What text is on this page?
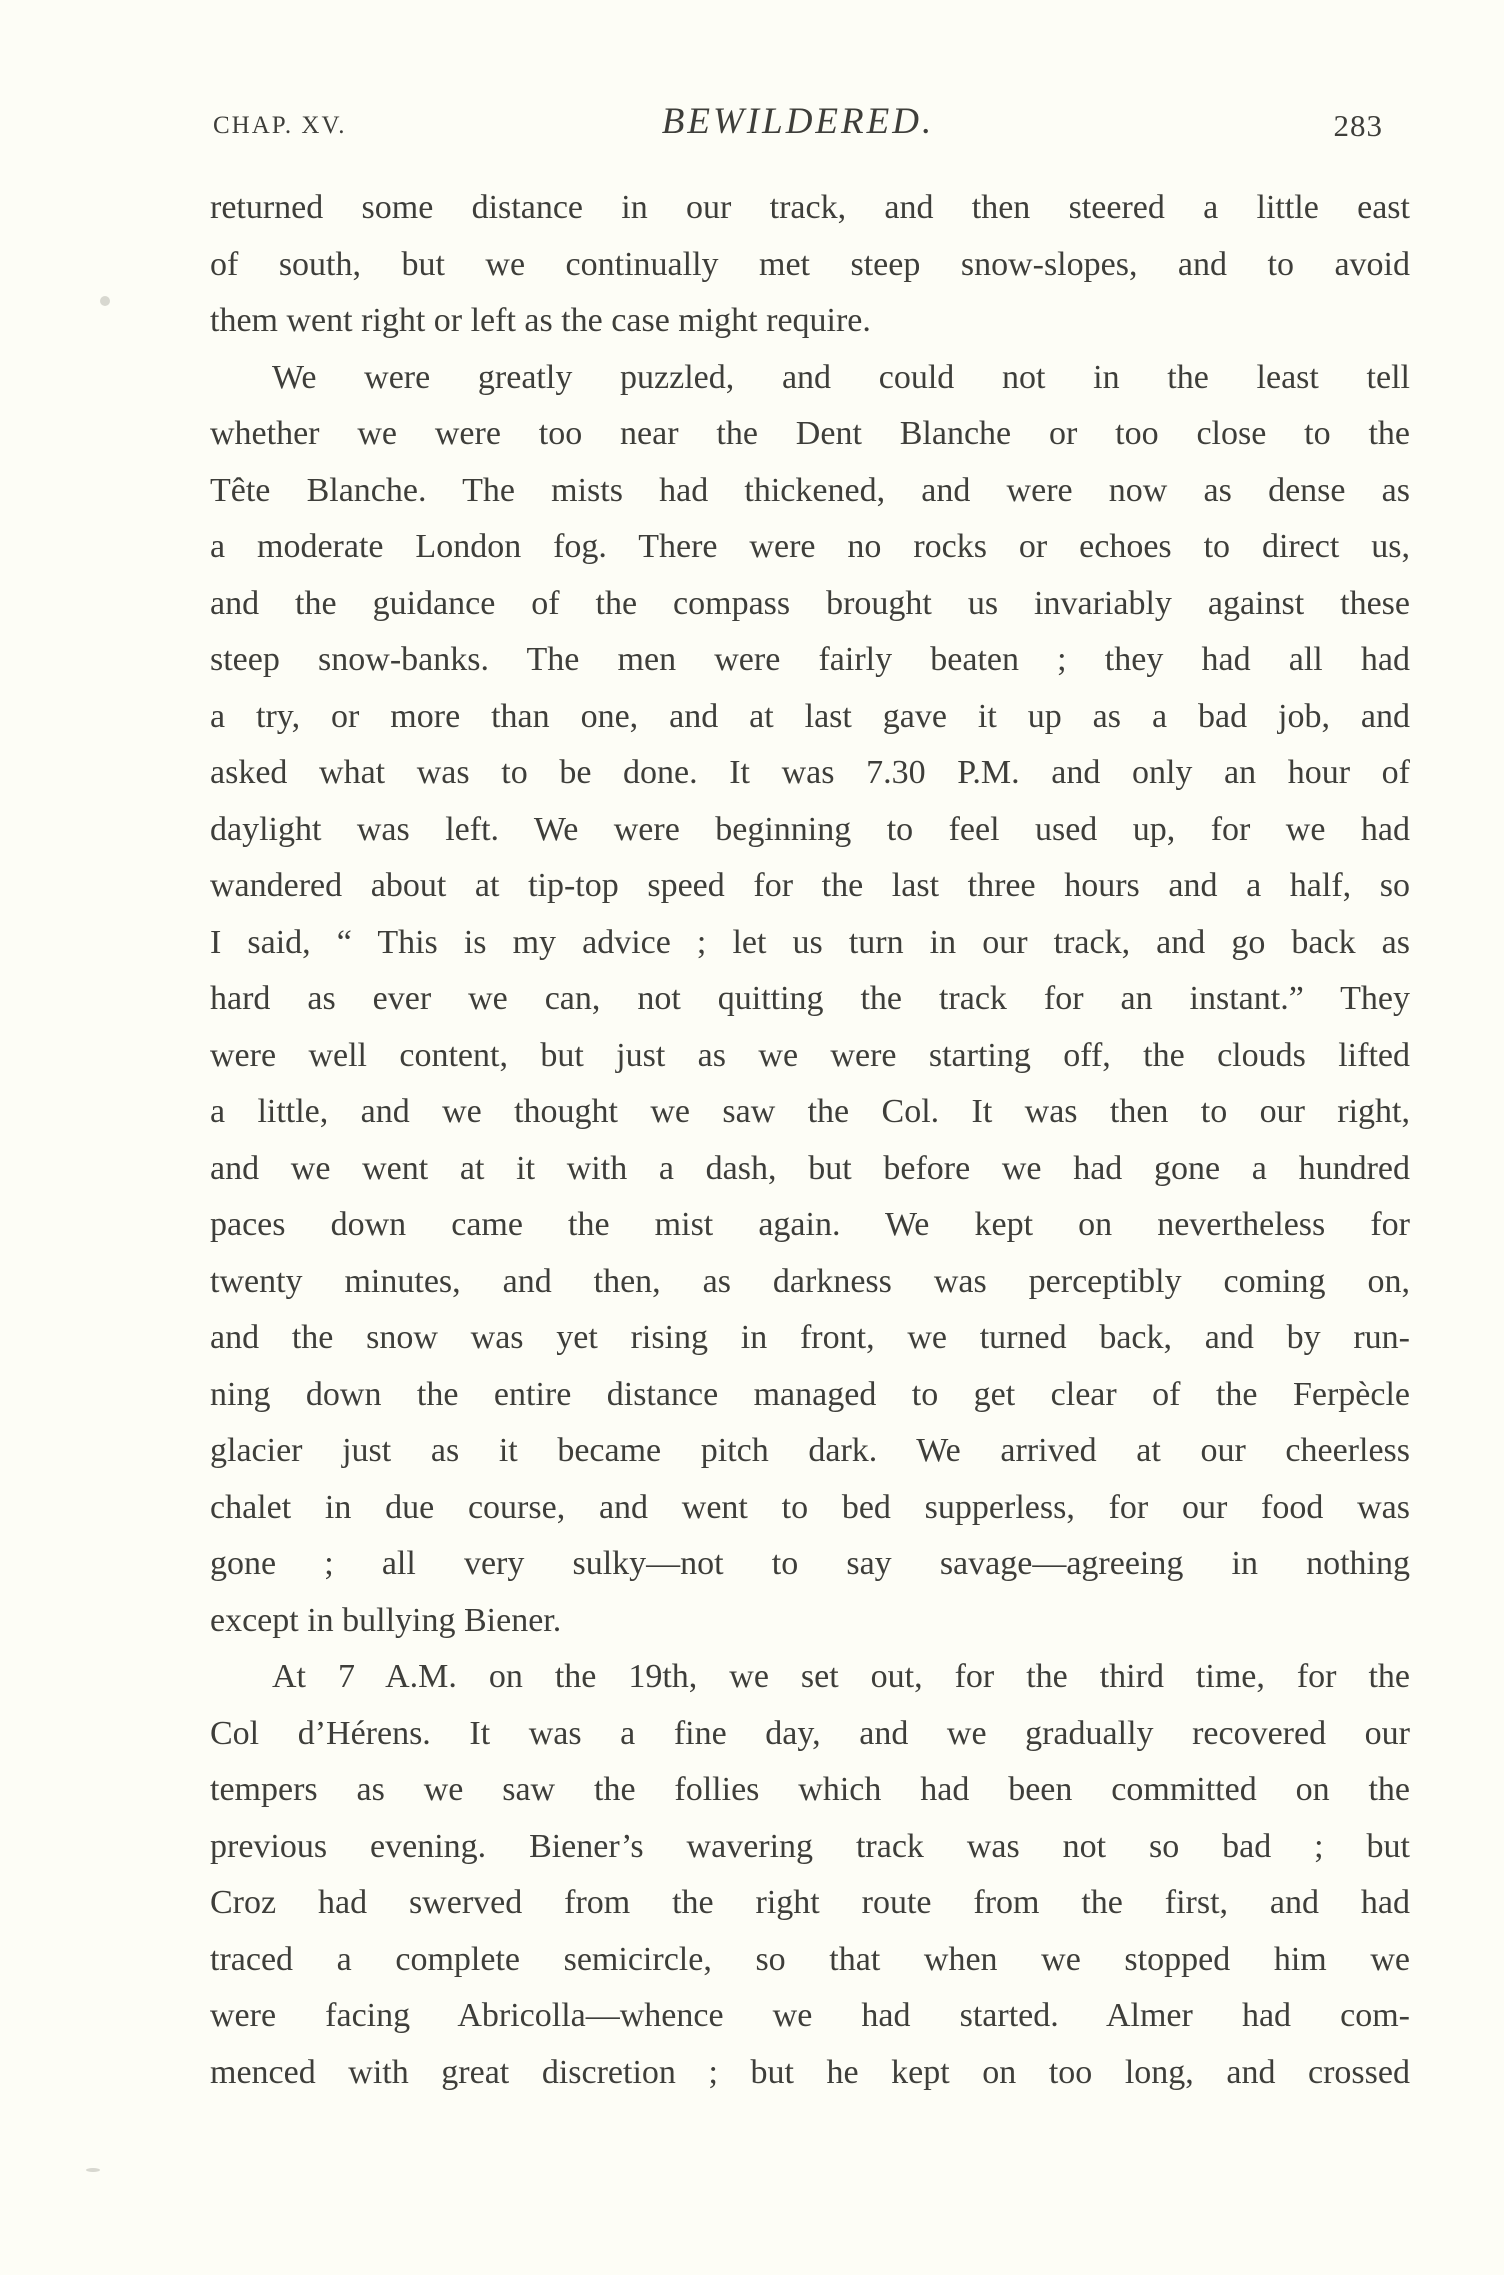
CHAP. XV.	BEWILDERED.	283
returned some distance in our track, and then steered a little east
of south, but we continually met steep snow-slopes, and to avoid
them went right or left as the case might require.
We were greatly puzzled, and could not in the least tell
whether we were too near the Dent Blanche or too close to the
Tête Blanche. The mists had thickened, and were now as dense as
a moderate London fog. There were no rocks or echoes to direct us,
and the guidance of the compass brought us invariably against these
steep snow-banks. The men were fairly beaten ; they had all had
a try, or more than one, and at last gave it up as a bad job, and
asked what was to be done. It was 7.30 P.M. and only an hour of
daylight was left. We were beginning to feel used up, for we had
wandered about at tip-top speed for the last three hours and a half, so
I said, “ This is my advice ; let us turn in our track, and go back as
hard as ever we can, not quitting the track for an instant.” They
were well content, but just as we were starting off, the clouds lifted
a little, and we thought we saw the Col. It was then to our right,
and we went at it with a dash, but before we had gone a hundred
paces down came the mist again. We kept on nevertheless for
twenty minutes, and then, as darkness was perceptibly coming on,
and the snow was yet rising in front, we turned back, and by run-
ning down the entire distance managed to get clear of the Ferpècle
glacier just as it became pitch dark. We arrived at our cheerless
chalet in due course, and went to bed supperless, for our food was
gone ; all very sulky—not to say savage—agreeing in nothing
except in bullying Biener.
At 7 A.M. on the 19th, we set out, for the third time, for the
Col d’Hérens. It was a fine day, and we gradually recovered our
tempers as we saw the follies which had been committed on the
previous evening. Biener’s wavering track was not so bad ; but
Croz had swerved from the right route from the first, and had
traced a complete semicircle, so that when we stopped him we
were facing Abricolla—whence we had started. Almer had com-
menced with great discretion ; but he kept on too long, and crossed
